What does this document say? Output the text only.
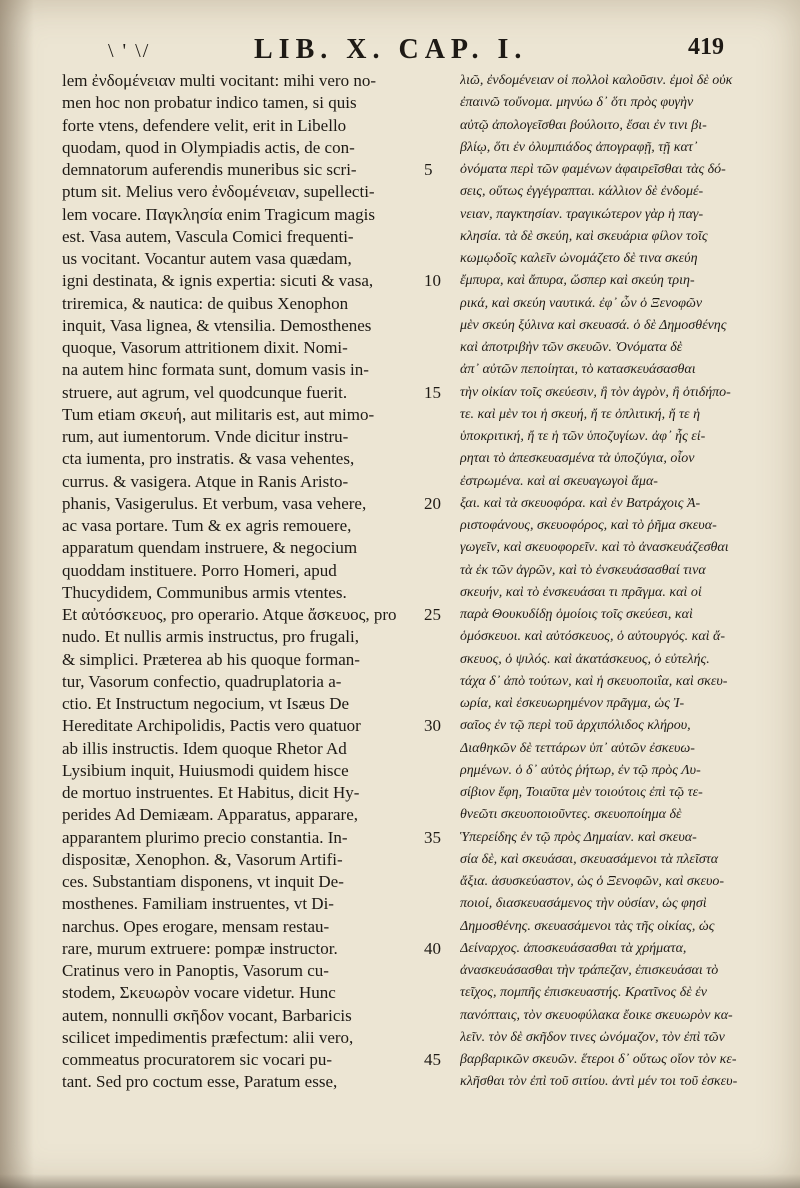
\ ' \/	LIB. X. CAP. I.	419
lem ἐνδομένειαν multi vocitant: mihi vero no-
men hoc non probatur indico tamen, si quis
forte vtens, defendere velit, erit in Libello
quodam, quod in Olympiadis actis, de con-
demnatorum auferendis muneribus sic scri-
ptum sit. Melius vero ἐνδομένειαν, supellecti-
lem vocare. Παγκλησία enim Tragicum magis
est. Vasa autem, Vascula Comici frequenti-
us vocitant. Vocantur autem vasa quædam,
igni destinata, & ignis expertia: sicuti & vasa,
triremica, & nautica: de quibus Xenophon
inquit, Vasa lignea, & vtensilia. Demosthenes
quoque, Vasorum attritionem dixit. Nomi-
na autem hinc formata sunt, domum vasis in-
struere, aut agrum, vel quodcunque fuerit.
Tum etiam σκευή, aut militaris est, aut mimo-
rum, aut iumentorum. Vnde dicitur instru-
cta iumenta, pro instratis. & vasa vehentes,
currus. & vasigera. Atque in Ranis Aristo-
phanis, Vasigerulus. Et verbum, vasa vehere,
ac vasa portare. Tum & ex agris remouere,
apparatum quendam instruere, & negocium
quoddam instituere. Porro Homeri, apud
Thucydidem, Communibus armis vtentes.
Et αὐτόσκευος, pro operario. Atque ἄσκευος, pro
nudo. Et nullis armis instructus, pro frugali,
& simplici. Præterea ab his quoque forman-
tur, Vasorum confectio, quadruplatoria a-
ctio. Et Instructum negocium, vt Isæus De
Hereditate Archipolidis, Pactis vero quatuor
ab illis instructis. Idem quoque Rhetor Ad
Lysibium inquit, Huiusmodi quidem hisce
de mortuo instruentes. Et Habitus, dicit Hy-
perides Ad Demiæam. Apparatus, apparare,
apparantem plurimo precio constantia. In-
dispositæ, Xenophon. &, Vasorum Artifi-
ces. Substantiam disponens, vt inquit De-
mosthenes. Familiam instruentes, vt Di-
narchus. Opes erogare, mensam restau-
rare, murum extruere: pompæ instructor.
Cratinus vero in Panoptis, Vasorum cu-
stodem, Σκευωρὸν vocare videtur. Hunc
autem, nonnulli σκῆδον vocant, Barbaricis
scilicet impedimentis præfectum: alii vero,
commeatus procuratorem sic vocari pu-
tant. Sed pro coctum esse, Paratum esse,
5
10
15
20
25
30
35
40
45
λιῶ, ἐνδομένειαν οἱ πολλοὶ καλοῦσιν. ἐμοὶ δὲ οὐκ
ἐπαινῶ τοὔνομα. μηνύω δ᾽ ὅτι πρὸς φυγὴν
αὐτῷ ἀπολογεῖσθαι βούλοιτο, ἔσαι ἐν τινι βι-
βλίῳ, ὅτι ἐν ὀλυμπιάδος ἀπογραφῇ, τῇ κατ᾽
ὀνόματα περὶ τῶν φαμένων ἀφαιρεῖσθαι τὰς δό-
σεις, οὕτως ἐγγέγραπται. κάλλιον δὲ ἐνδομέ-
νειαν, παγκτησίαν. τραγικώτερον γὰρ ἡ παγ-
κλησία. τὰ δὲ σκεύη, καὶ σκευάρια φίλον τοῖς
κωμῳδοῖς καλεῖν ὠνομάζετο δὲ τινα σκεύη
ἔμπυρα, καὶ ἄπυρα, ὥσπερ καὶ σκεύη τριη-
ρικά, καὶ σκεύη ναυτικά. ἐφ᾽ ὧν ὁ Ξενοφῶν
μὲν σκεύη ξύλινα καὶ σκευασά. ὁ δὲ Δημοσθένης
καὶ ἀποτριβὴν τῶν σκευῶν. Ὀνόματα δὲ
ἀπ᾽ αὐτῶν πεποίηται, τὸ κατασκευάσασθαι
τὴν οἰκίαν τοῖς σκεύεσιν, ἢ τὸν ἀγρὸν, ἢ ὁτιδήπο-
τε. καὶ μὲν τοι ἡ σκευή, ἤ τε ὁπλιτική, ἤ τε ἡ
ὑποκριτική, ἤ τε ἡ τῶν ὑποζυγίων. ἀφ᾽ ἧς εἰ-
ρηται τὸ ἀπεσκευασμένα τὰ ὑποζύγια, οἷον
ἐστρωμένα. καὶ αἱ σκευαγωγοὶ ἅμα-
ξαι. καὶ τὰ σκευοφόρα. καὶ ἐν Βατράχοις Ἀ-
ριστοφάνους, σκευοφόρος, καὶ τὸ ῥῆμα σκευα-
γωγεῖν, καὶ σκευοφορεῖν. καὶ τὸ ἀνασκευάζεσθαι
τὰ ἐκ τῶν ἀγρῶν, καὶ τὸ ἐνσκευάσασθαί τινα
σκευήν, καὶ τὸ ἐνσκευάσαι τι πρᾶγμα. καὶ οἱ
παρὰ Θουκυδίδῃ ὁμοίοις τοῖς σκεύεσι, καὶ
ὁμόσκευοι. καὶ αὐτόσκευος, ὁ αὐτουργός. καὶ ἄ-
σκευος, ὁ ψιλός. καὶ ἀκατάσκευος, ὁ εὐτελής.
τάχα δ᾽ ἀπὸ τούτων, καὶ ἡ σκευοποιΐα, καὶ σκευ-
ωρία, καὶ ἐσκευωρημένον πρᾶγμα, ὡς Ἰ-
σαῖος ἐν τῷ περὶ τοῦ ἀρχιπόλιδος κλήρου,
Διαθηκῶν δὲ τεττάρων ὑπ᾽ αὐτῶν ἐσκευω-
ρημένων. ὁ δ᾽ αὐτὸς ῥήτωρ, ἐν τῷ πρὸς Λυ-
σίβιον ἔφη, Τοιαῦτα μὲν τοιούτοις ἐπὶ τῷ τε-
θνεῶτι σκευοποιοῦντες. σκευοποίημα δὲ
Ὑπερείδης ἐν τῷ πρὸς Δημαίαν. καὶ σκευα-
σία δὲ, καὶ σκευάσαι, σκευασάμενοι τὰ πλεῖστα
ἄξια. ἀσυσκεύαστον, ὡς ὁ Ξενοφῶν, καὶ σκευο-
ποιοί, διασκευασάμενος τὴν οὐσίαν, ὡς φησὶ
Δημοσθένης. σκευασάμενοι τὰς τῆς οἰκίας, ὡς
Δείναρχος. ἀποσκευάσασθαι τὰ χρήματα,
ἀνασκευάσασθαι τὴν τράπεζαν, ἐπισκευάσαι τὸ
τεῖχος, πομπῆς ἐπισκευαστής. Κρατῖνος δὲ ἐν
πανόπταις, τὸν σκευοφύλακα ἔοικε σκευωρὸν κα-
λεῖν. τὸν δὲ σκῆδον τινες ὠνόμαζον, τὸν ἐπὶ τῶν
βαρβαρικῶν σκευῶν. ἕτεροι δ᾽ οὕτως οἴον τὸν κε-
κλῆσθαι τὸν ἐπὶ τοῦ σιτίου. ἀντὶ μέν τοι τοῦ ἐσκευ-
